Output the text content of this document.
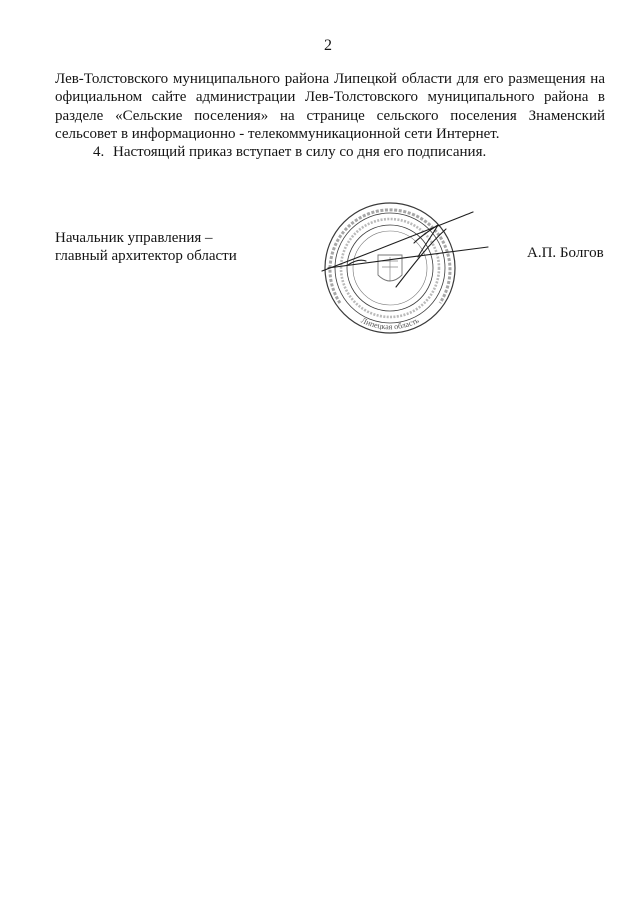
2
Лев-Толстовского муниципального района Липецкой области для его размещения на
официальном сайте администрации Лев-Толстовского муниципального района в
разделе «Сельские поселения» на странице сельского поселения Знаменский
сельсовет в информационно - телекоммуникационной сети Интернет.
4. Настоящий приказ вступает в силу со дня его подписания.
Начальник управления –
главный архитектор области	А.П. Болгов
Липецкая область
